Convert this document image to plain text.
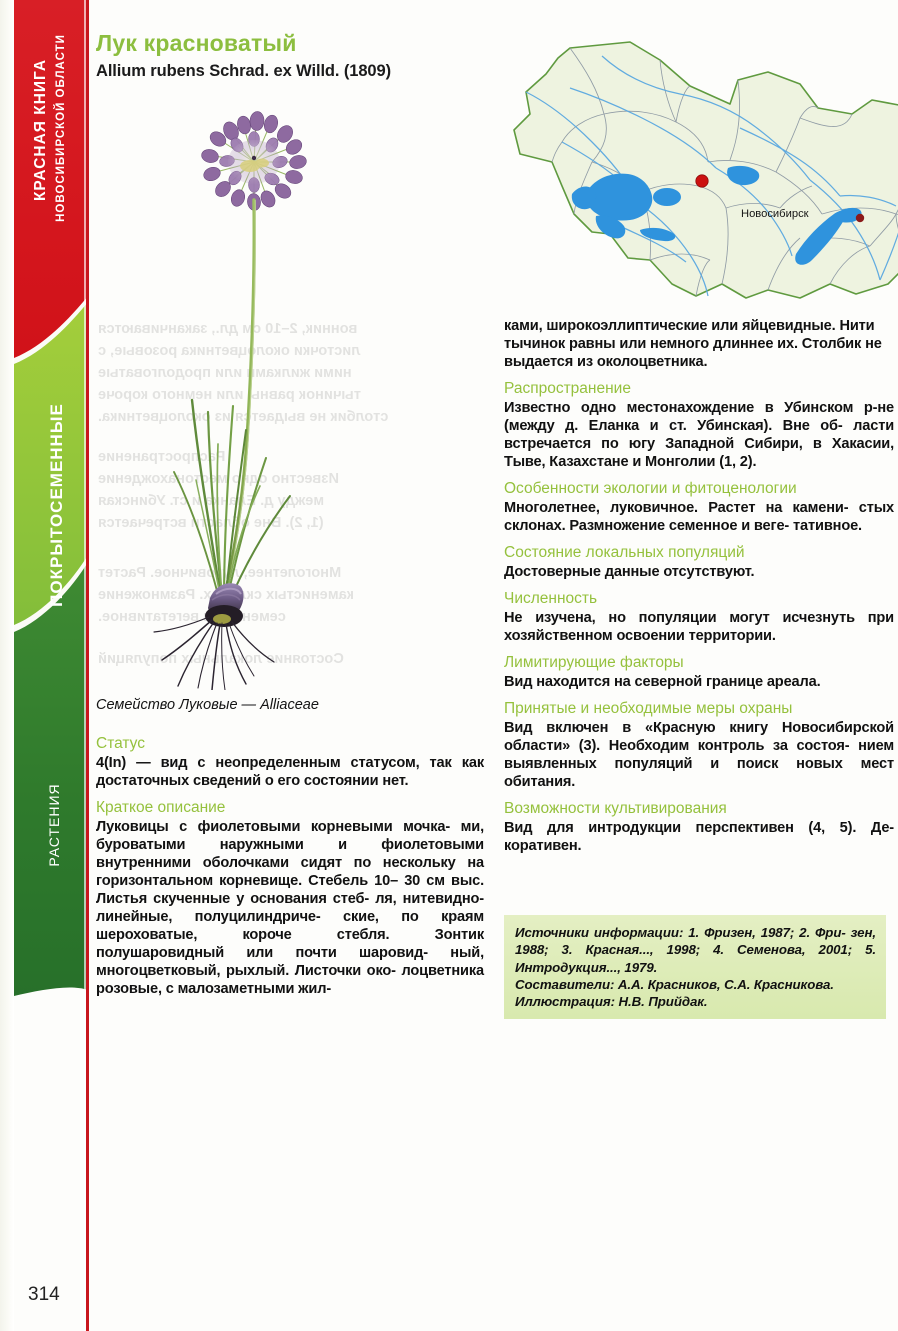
КРАСНАЯ КНИГА НОВОСИБИРСКОЙ ОБЛАСТИ
ПОКРЫТОСЕМЕННЫЕ
РАСТЕНИЯ
вонник, 2–10 см дл., заканчиваются
листочки околоцветника розовые, с
ними жилками или продолговатые
тычинок равны или немного короче
столбик не выдается из околоцветника.
Распространение
Известно одно местонахождение
между д. Еланка и ст. Убинская
(1, 2). Вне области встречается
Многолетнее, луковичное. Растет
каменистых  Размножение
семенное и вегетативное.
Состояние локальных популяций
Лук красноватый
Allium rubens Schrad. ex Willd. (1809)
Семейство Луковые — Alliaceae
Статус

4(In) — вид с неопределенным статусом, так как достаточных сведений о его состоянии нет.

Краткое описание

Луковицы с фиолетовыми корневыми мочка- ми, буроватыми наружными и фиолетовыми внутренними оболочками сидят по нескольку на горизонтальном корневище. Стебель 10– 30 см выс. Листья скученные у основания стеб- ля, нитевидно-линейные, полуцилиндриче- ские, по краям шероховатые, короче стебля.	Зонтик полушаровидный или почти шаровид- ный, многоцветковый, рыхлый. Листочки око- лоцветника розовые, с малозаметными жил-

ками, широкоэллиптические или яйцевидные. Нити тычинок равны или немного длиннее их. Столбик не выдается из околоцветника.

Распространение

Известно одно местонахождение в Убинском р-не (между д. Еланка и ст. Убинская). Вне об- ласти встречается по югу Западной Сибири, в Хакасии, Тыве, Казахстане и Монголии (1, 2).

Особенности экологии и фитоценологии

Многолетнее, луковичное. Растет на камени- стых склонах. Размножение семенное и веге- тативное.

Состояние локальных популяций

Достоверные данные отсутствуют.

Численность

Не изучена, но популяции могут исчезнуть при хозяйственном освоении территории.

Лимитирующие факторы

Вид находится на северной границе ареала.

Принятые и необходимые меры охраны

Вид включен в «Красную книгу Новосибирской области» (3). Необходим контроль за состоя- нием выявленных популяций и поиск новых мест обитания.

Возможности культивирования

Вид для интродукции перспективен (4, 5). Де- коративен.

Источники информации: 1. Фризен, 1987; 2. Фри- зен, 1988; 3. Красная..., 1998; 4. Семенова, 2001; 5. Интродукция..., 1979.

Составители: А.А. Красников, С.А. Красникова.

Иллюстрация: Н.В. Прийдак.

Новосибирск
314
